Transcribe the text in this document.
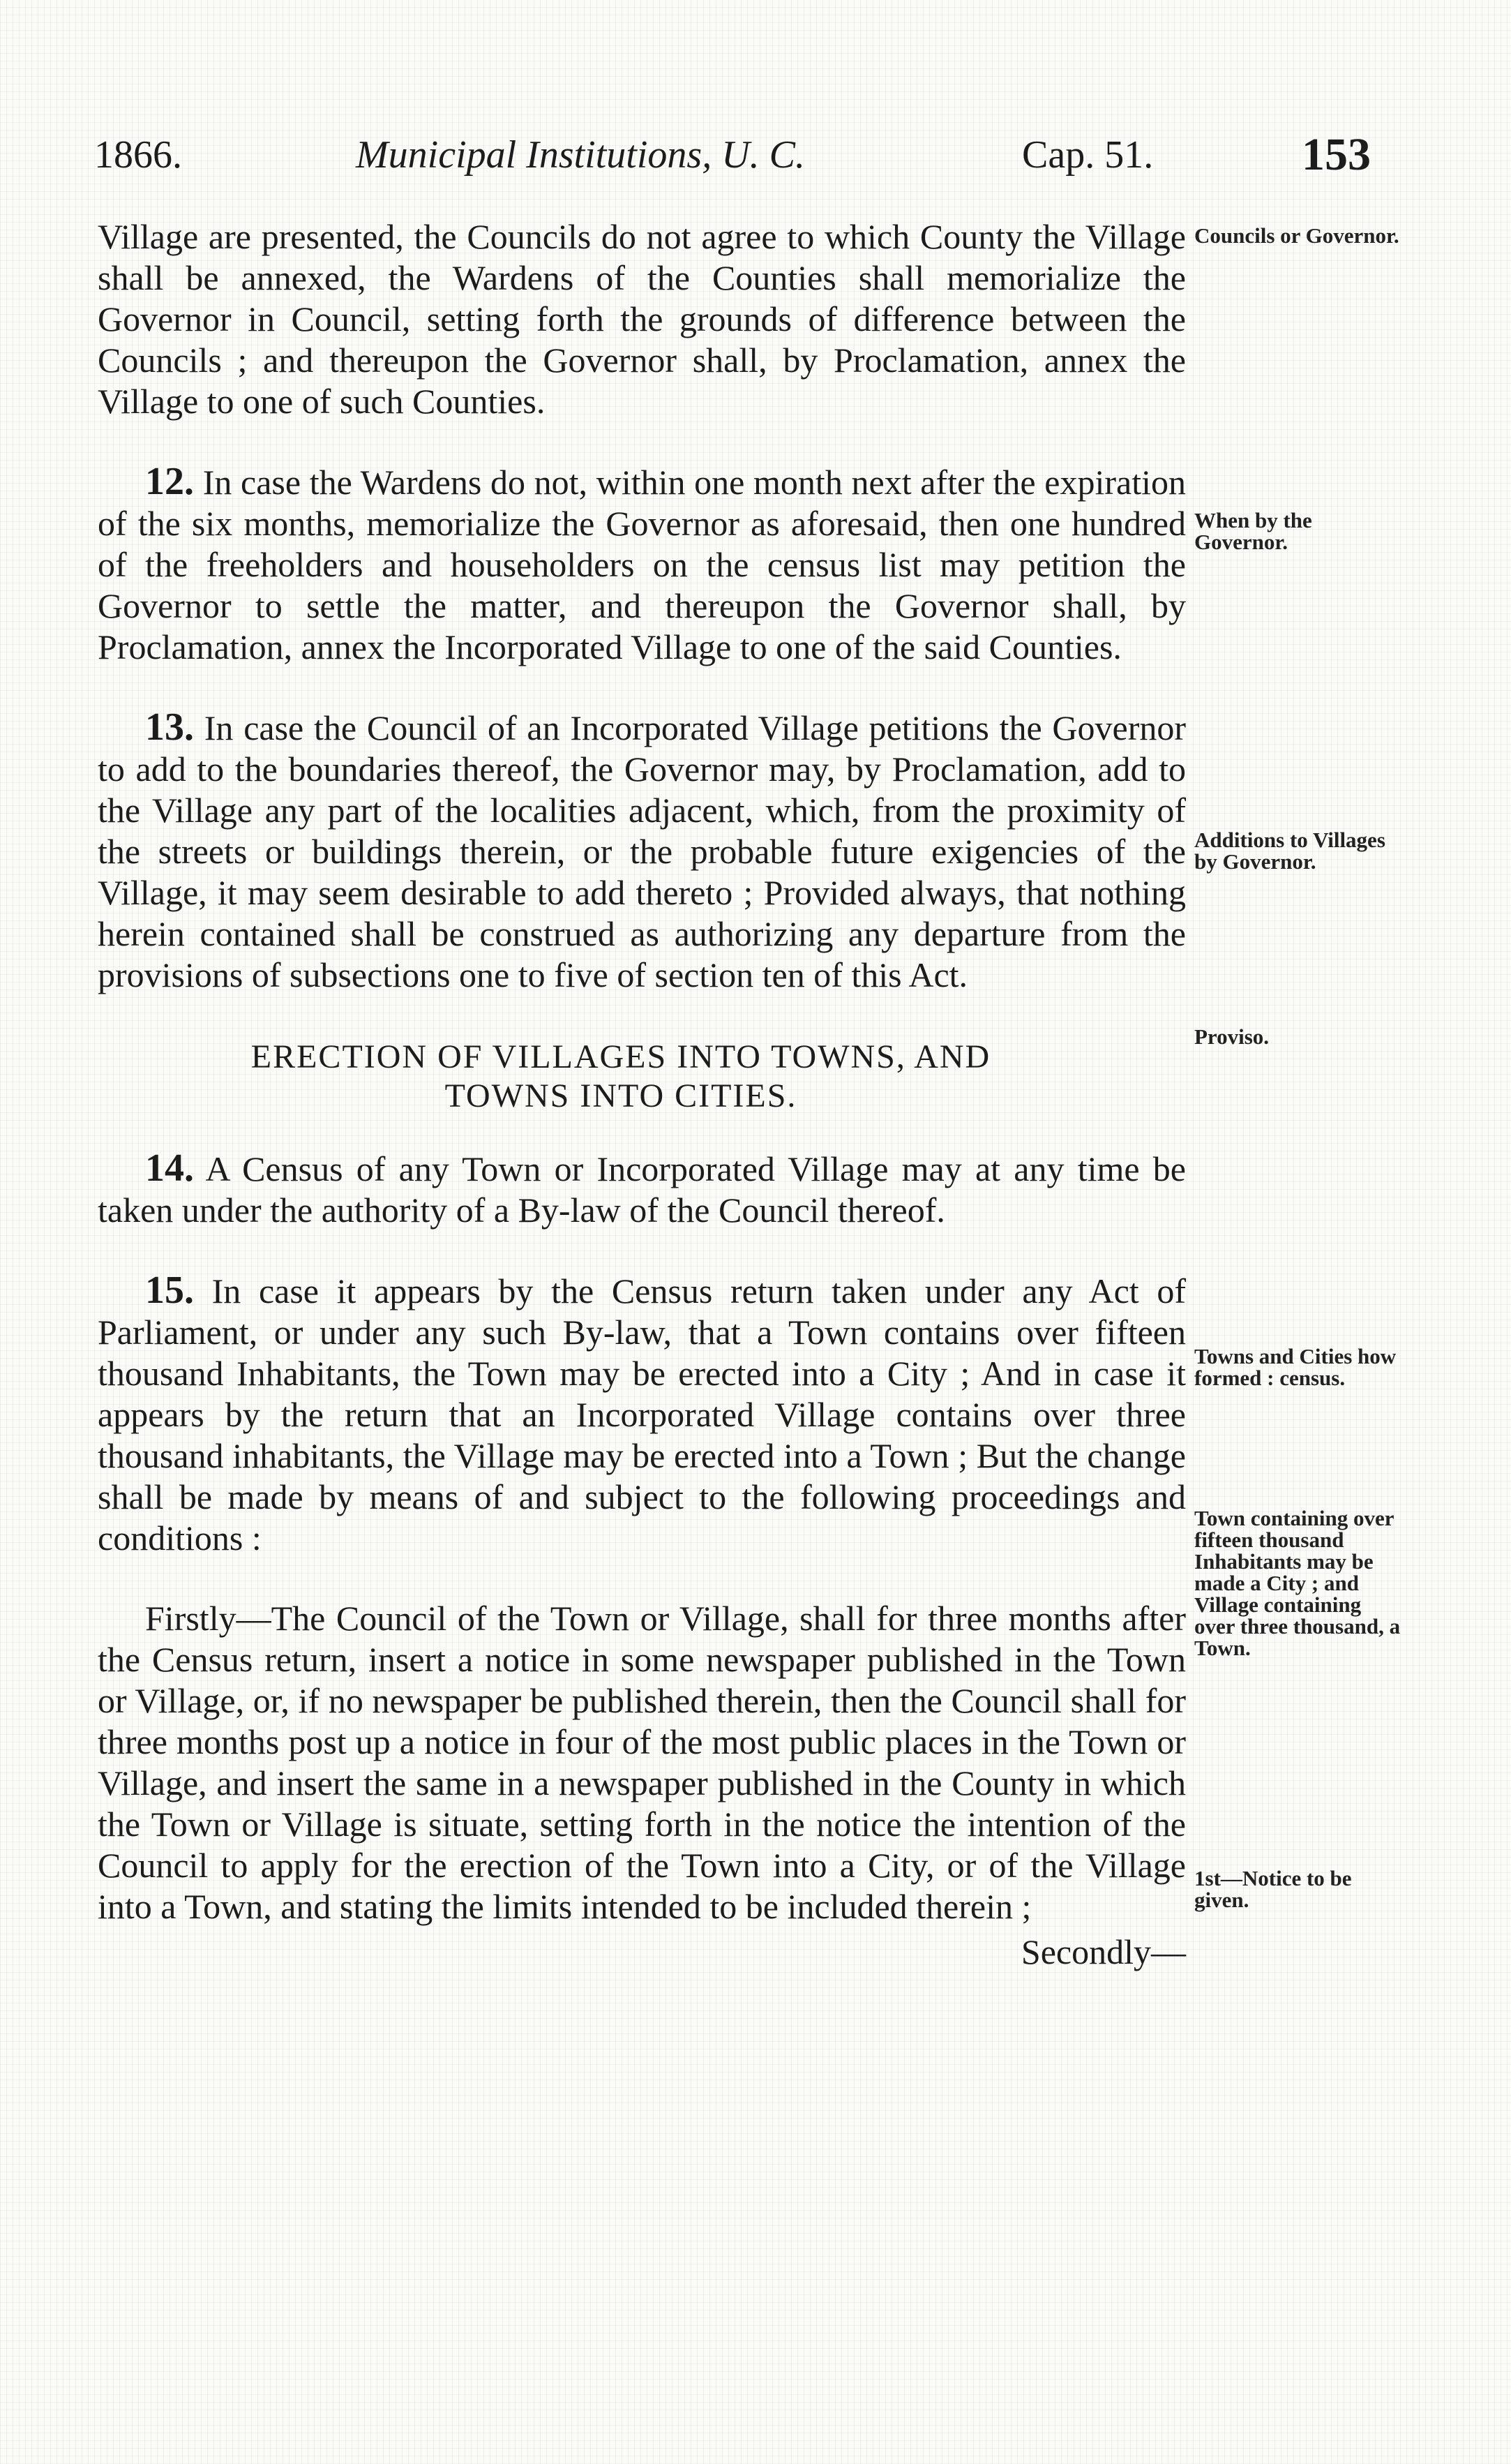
1866.	Municipal Institutions, U. C.	Cap. 51.	153

Village are presented, the Councils do not agree to which County the Village shall be annexed, the Wardens of the Counties shall memorialize the Governor in Council, setting forth the grounds of difference between the Councils ; and thereupon the Governor shall, by Proclamation, annex the Village to one of such Counties.

12. In case the Wardens do not, within one month next after the expiration of the six months, memorialize the Governor as aforesaid, then one hundred of the freeholders and householders on the census list may petition the Governor to settle the matter, and thereupon the Governor shall, by Proclamation, annex the Incorporated Village to one of the said Counties.

13. In case the Council of an Incorporated Village petitions the Governor to add to the boundaries thereof, the Governor may, by Proclamation, add to the Village any part of the localities adjacent, which, from the proximity of the streets or buildings therein, or the probable future exigencies of the Village, it may seem desirable to add thereto ; Provided always, that nothing herein contained shall be construed as authorizing any departure from the provisions of subsections one to five of section ten of this Act.

ERECTION OF VILLAGES INTO TOWNS, AND
TOWNS INTO CITIES.

14. A Census of any Town or Incorporated Village may at any time be taken under the authority of a By-law of the Council thereof.

15. In case it appears by the Census return taken under any Act of Parliament, or under any such By-law, that a Town contains over fifteen thousand Inhabitants, the Town may be erected into a City ; And in case it appears by the return that an Incorporated Village contains over three thousand inhabitants, the Village may be erected into a Town ; But the change shall be made by means of and subject to the following proceedings and conditions :

Firstly—The Council of the Town or Village, shall for three months after the Census return, insert a notice in some newspaper published in the Town or Village, or, if no newspaper be published therein, then the Council shall for three months post up a notice in four of the most public places in the Town or Village, and insert the same in a newspaper published in the County in which the Town or Village is situate, setting forth in the notice the intention of the Council to apply for the erection of the Town into a City, or of the Village into a Town, and stating the limits intended to be included therein ;

Secondly—
Councils or Governor.
When by the Governor.
Additions to Villages by Governor.
Proviso.
Towns and Cities how formed : census.
Town containing over fifteen thousand Inhabitants may be made a City ; and Village containing over three thousand, a Town.
1st—Notice to be given.
